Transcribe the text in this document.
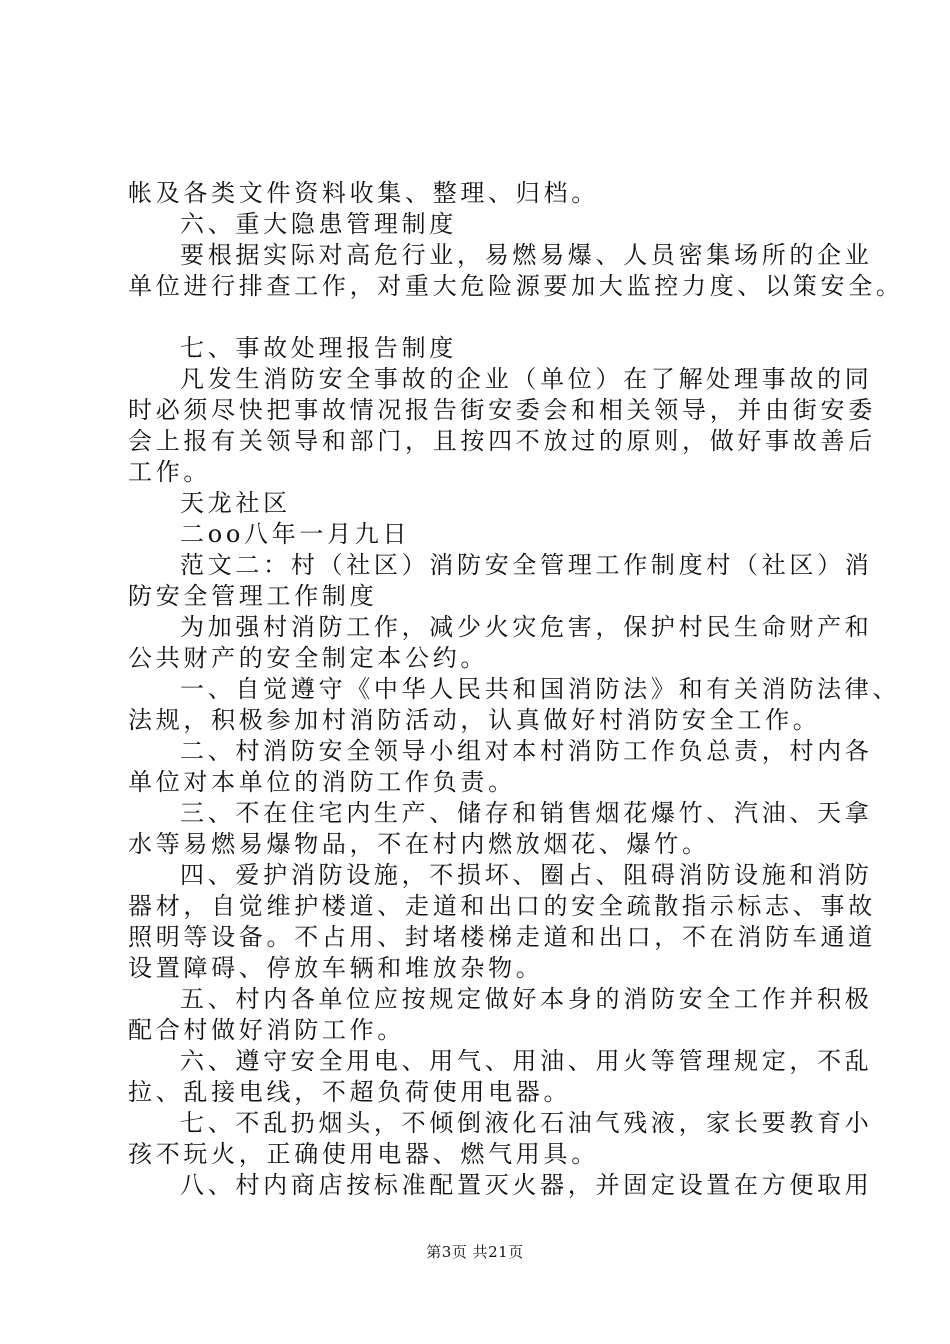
帐及各类文件资料收集、整理、归档。
六、重大隐患管理制度
要根据实际对高危行业，易燃易爆、人员密集场所的企业
单位进行排查工作，对重大危险源要加大监控力度、以策安全。
七、事故处理报告制度
凡发生消防安全事故的企业（单位）在了解处理事故的同
时必须尽快把事故情况报告街安委会和相关领导，并由街安委
会上报有关领导和部门，且按四不放过的原则，做好事故善后
工作。
天龙社区
二oo八年一月九日
范文二：村（社区）消防安全管理工作制度村（社区）消
防安全管理工作制度
为加强村消防工作，减少火灾危害，保护村民生命财产和
公共财产的安全制定本公约。
一、自觉遵守《中华人民共和国消防法》和有关消防法律、
法规，积极参加村消防活动，认真做好村消防安全工作。
二、村消防安全领导小组对本村消防工作负总责，村内各
单位对本单位的消防工作负责。
三、不在住宅内生产、储存和销售烟花爆竹、汽油、天拿
水等易燃易爆物品，不在村内燃放烟花、爆竹。
四、爱护消防设施，不损坏、圈占、阻碍消防设施和消防
器材，自觉维护楼道、走道和出口的安全疏散指示标志、事故
照明等设备。不占用、封堵楼梯走道和出口，不在消防车通道
设置障碍、停放车辆和堆放杂物。
五、村内各单位应按规定做好本身的消防安全工作并积极
配合村做好消防工作。
六、遵守安全用电、用气、用油、用火等管理规定，不乱
拉、乱接电线，不超负荷使用电器。
七、不乱扔烟头，不倾倒液化石油气残液，家长要教育小
孩不玩火，正确使用电器、燃气用具。
八、村内商店按标准配置灭火器，并固定设置在方便取用
第3页 共21页
